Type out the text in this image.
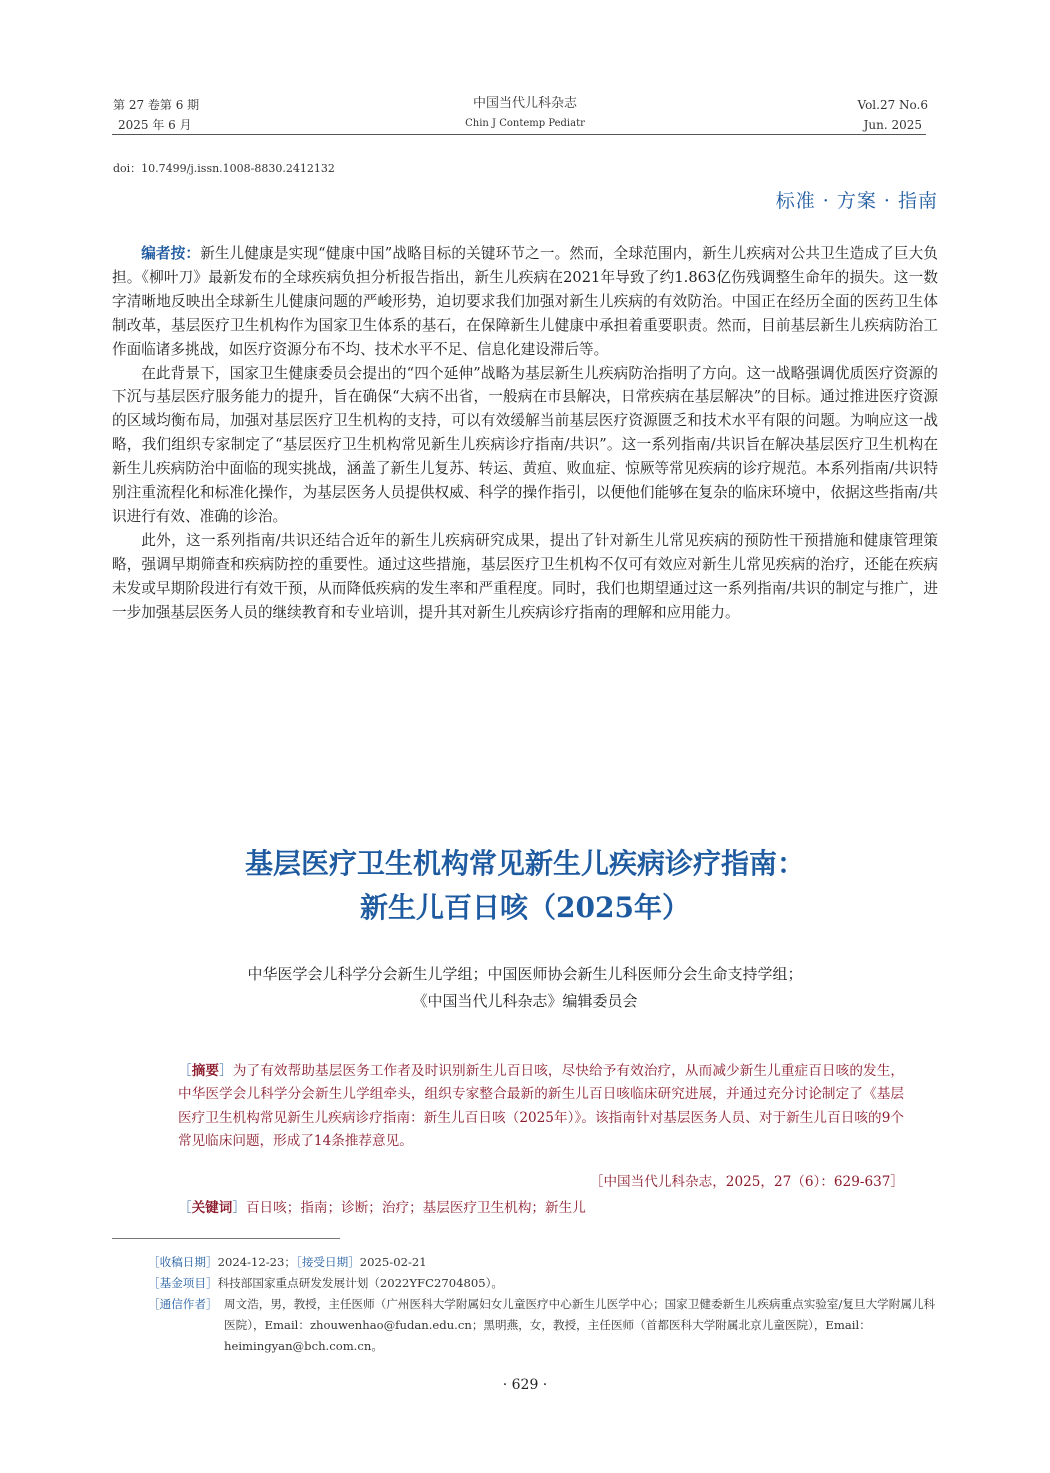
第 27 卷第 6 期
2025 年 6 月
中国当代儿科杂志
Chin J Contemp Pediatr
Vol.27 No.6
Jun. 2025
doi：10.7499/j.issn.1008-8830.2412132
标准 · 方案 · 指南

编者按：新生儿健康是实现“健康中国”战略目标的关键环节之一。然而，全球范围内，新生儿疾病对公共卫生造成了巨大负担。《柳叶刀》最新发布的全球疾病负担分析报告指出，新生儿疾病在2021年导致了约1.863亿伤残调整生命年的损失。这一数字清晰地反映出全球新生儿健康问题的严峻形势，迫切要求我们加强对新生儿疾病的有效防治。中国正在经历全面的医药卫生体制改革，基层医疗卫生机构作为国家卫生体系的基石，在保障新生儿健康中承担着重要职责。然而，目前基层新生儿疾病防治工作面临诸多挑战，如医疗资源分布不均、技术水平不足、信息化建设滞后等。

在此背景下，国家卫生健康委员会提出的“四个延伸”战略为基层新生儿疾病防治指明了方向。这一战略强调优质医疗资源的下沉与基层医疗服务能力的提升，旨在确保“大病不出省，一般病在市县解决，日常疾病在基层解决”的目标。通过推进医疗资源的区域均衡布局，加强对基层医疗卫生机构的支持，可以有效缓解当前基层医疗资源匮乏和技术水平有限的问题。为响应这一战略，我们组织专家制定了“基层医疗卫生机构常见新生儿疾病诊疗指南/共识”。这一系列指南/共识旨在解决基层医疗卫生机构在新生儿疾病防治中面临的现实挑战，涵盖了新生儿复苏、转运、黄疸、败血症、惊厥等常见疾病的诊疗规范。本系列指南/共识特别注重流程化和标准化操作，为基层医务人员提供权威、科学的操作指引，以便他们能够在复杂的临床环境中，依据这些指南/共识进行有效、准确的诊治。

此外，这一系列指南/共识还结合近年的新生儿疾病研究成果，提出了针对新生儿常见疾病的预防性干预措施和健康管理策略，强调早期筛查和疾病防控的重要性。通过这些措施，基层医疗卫生机构不仅可有效应对新生儿常见疾病的治疗，还能在疾病未发或早期阶段进行有效干预，从而降低疾病的发生率和严重程度。同时，我们也期望通过这一系列指南/共识的制定与推广，进一步加强基层医务人员的继续教育和专业培训，提升其对新生儿疾病诊疗指南的理解和应用能力。

基层医疗卫生机构常见新生儿疾病诊疗指南：
新生儿百日咳（2025年）
中华医学会儿科学分会新生儿学组；中国医师协会新生儿科医师分会生命支持学组；
《中国当代儿科杂志》编辑委员会
［摘要］为了有效帮助基层医务工作者及时识别新生儿百日咳，尽快给予有效治疗，从而减少新生儿重症百日咳的发生，中华医学会儿科学分会新生儿学组牵头，组织专家整合最新的新生儿百日咳临床研究进展，并通过充分讨论制定了《基层医疗卫生机构常见新生儿疾病诊疗指南：新生儿百日咳（2025年）》。该指南针对基层医务人员、对于新生儿百日咳的9个常见临床问题，形成了14条推荐意见。
［中国当代儿科杂志，2025，27（6）：629-637］
［关键词］百日咳；指南；诊断；治疗；基层医疗卫生机构；新生儿
［收稿日期］2024-12-23；［接受日期］2025-02-21
［基金项目］科技部国家重点研发发展计划（2022YFC2704805）。
［通信作者］ 周文浩，男，教授，主任医师（广州医科大学附属妇女儿童医疗中心新生儿医学中心；国家卫健委新生儿疾病重点实验室/复旦大学附属儿科医院），Email：zhouwenhao@fudan.edu.cn；黑明燕，女，教授，主任医师（首都医科大学附属北京儿童医院），Email：heimingyan@bch.com.cn。
· 629 ·
